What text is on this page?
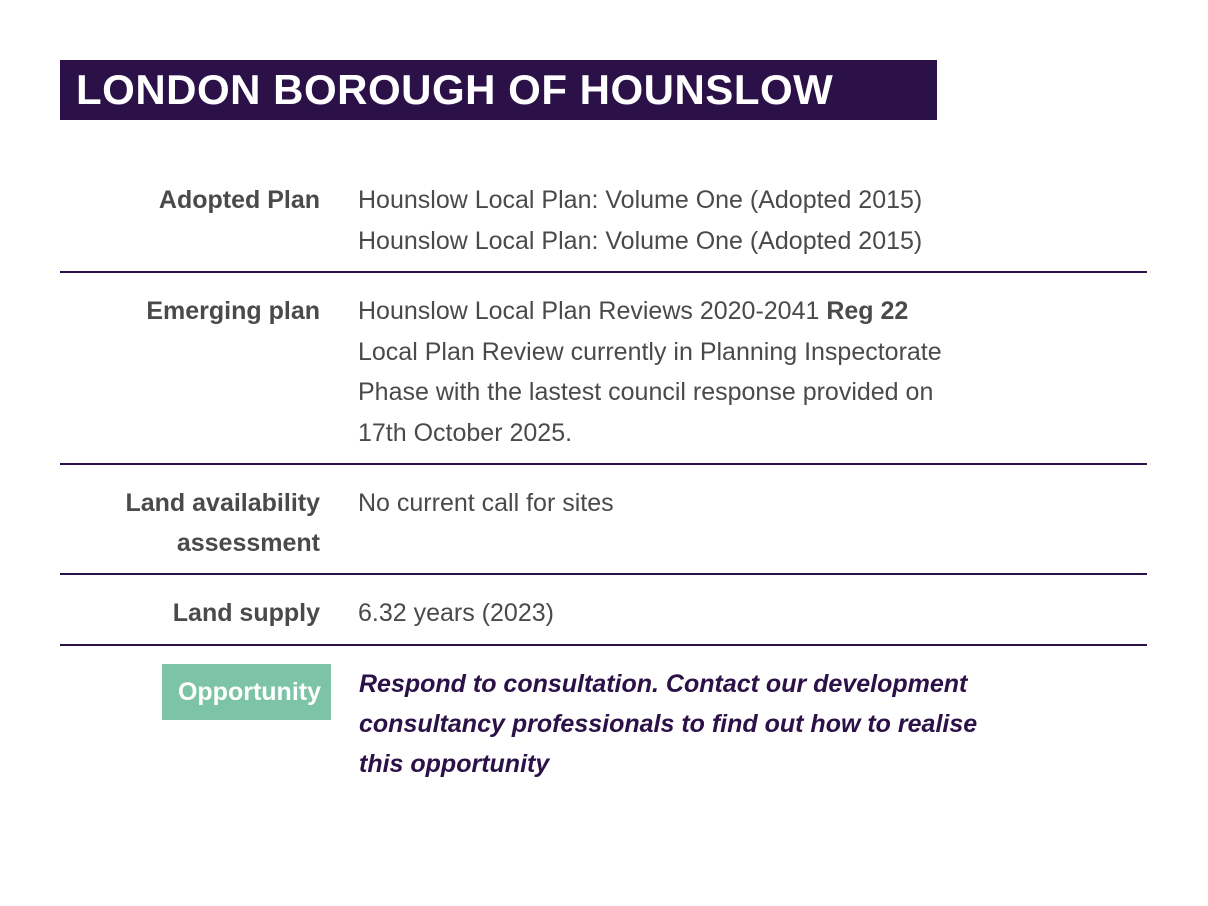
LONDON BOROUGH OF HOUNSLOW
Adopted Plan Hounslow Local Plan: Volume One (Adopted 2015)
Hounslow Local Plan: Volume One (Adopted 2015)
Emerging plan Hounslow Local Plan Reviews 2020-2041 Reg 22
Local Plan Review currently in Planning Inspectorate
Phase with the lastest council response provided on
17th October 2025.
Land availability
assessment
No current call for sites
Land supply 6.32 years (2023)
Opportunity	Respond to consultation. Contact our development
consultancy professionals to find out how to realise
this opportunity
